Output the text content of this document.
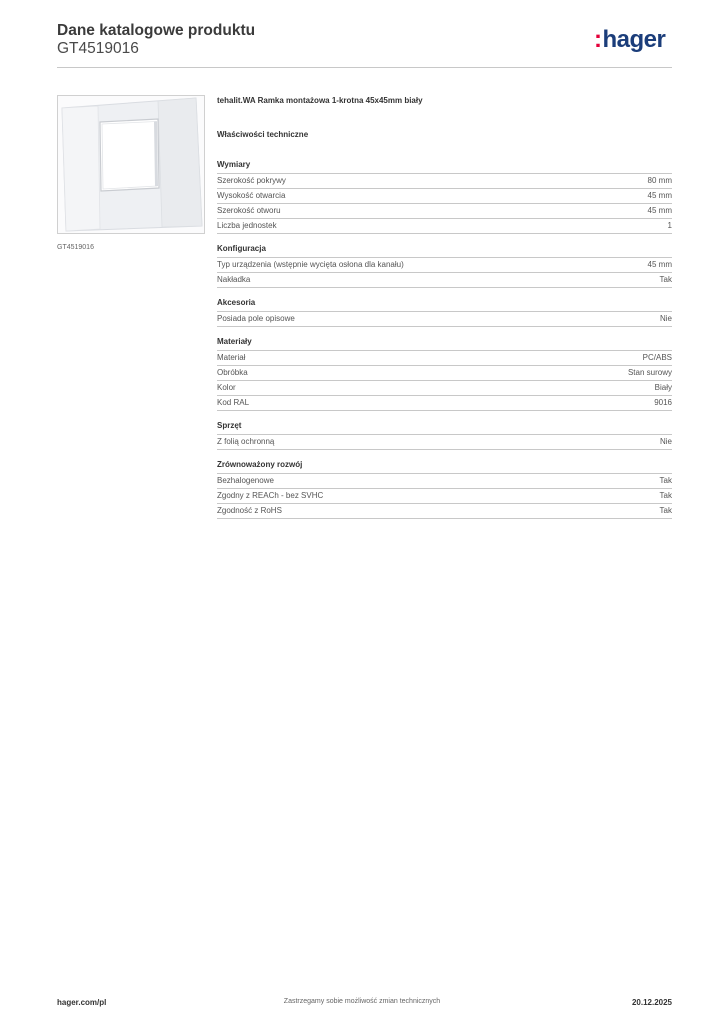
Dane katalogowe produktu
GT4519016	:hager
GT4519016
tehalit.WA Ramka montażowa 1-krotna 45x45mm biały
Właściwości techniczne
Wymiary
Szerokość pokrywy	80 mm
Wysokość otwarcia	45 mm
Szerokość otworu	45 mm
Liczba jednostek	1
Konfiguracja
Typ urządzenia (wstępnie wycięta osłona dla kanału)	45 mm
Nakładka	Tak
Akcesoria
Posiada pole opisowe	Nie
Materiały
Materiał	PC/ABS
Obróbka	Stan surowy
Kolor	Biały
Kod RAL	9016
Sprzęt
Z folią ochronną	Nie
Zrównoważony rozwój
Bezhalogenowe	Tak
Zgodny z REACh - bez SVHC	Tak
Zgodność z RoHS	Tak
hager.com/pl	Zastrzegamy sobie możliwość zmian technicznych	20.12.2025
